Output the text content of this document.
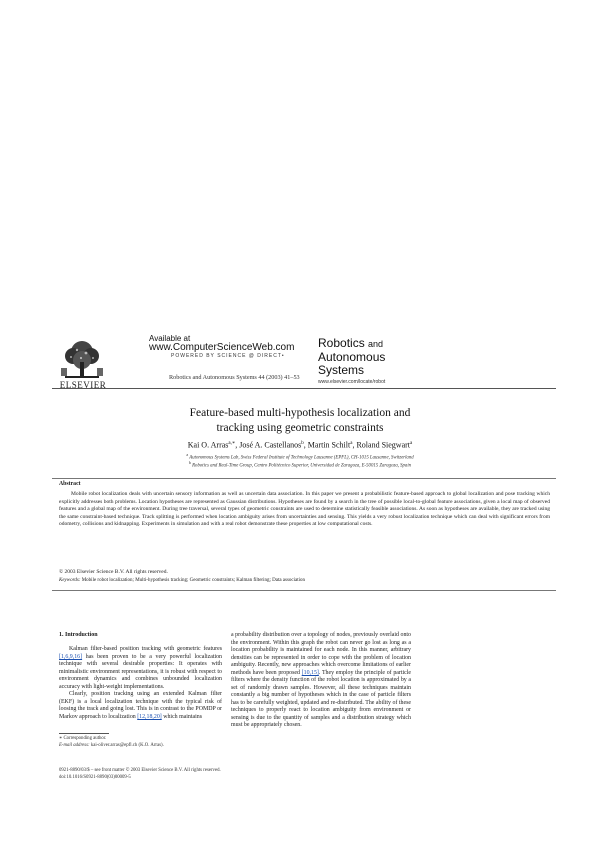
ELSEVIER
Available at
www.ComputerScienceWeb.com
POWERED BY SCIENCE @ DIRECT•
Robotics and Autonomous Systems 44 (2003) 41–53
Robotics and
Autonomous
Systems
www.elsevier.com/locate/robot
Feature-based multi-hypothesis localization and
tracking using geometric constraints
Kai O. Arras$^{a,∗}$, José A. Castellanos$^b$, Martin Schilt$^a$, Roland Siegwart$^a$
$^a$ Autonomous Systems Lab, Swiss Federal Institute of Technology Lausanne (EPFL), CH-1015 Lausanne, Switzerland
$^b$ Robotics and Real-Time Group, Centro Politécnico Superior, Universidad de Zaragoza, E-50015 Zaragoza, Spain
Abstract
Mobile robot localization deals with uncertain sensory information as well as uncertain data association. In this paper we present a probabilistic feature-based approach to global localization and pose tracking which explicitly addresses both problems. Location hypotheses are represented as Gaussian distributions. Hypotheses are found by a search in the tree of possible local-to-global feature associations, given a local map of observed features and a global map of the environment. During tree traversal, several types of geometric constraints are used to determine statistically feasible associations. As soon as hypotheses are available, they are tracked using the same constraint-based technique. Track splitting is performed when location ambiguity arises from uncertainties and sensing. This yields a very robust localization technique which can deal with significant errors from odometry, collisions and kidnapping. Experiments in simulation and with a real robot demonstrate these properties at low computational costs.
© 2003 Elsevier Science B.V. All rights reserved.
Keywords: Mobile robot localization; Multi-hypothesis tracking; Geometric constraints; Kalman filtering; Data association
1. Introduction

Kalman filter-based position tracking with geometric features [1,6,9,16] has been proven to be a very powerful localization technique with several desirable properties: It operates with minimalistic environment representations, it is robust with respect to environment dynamics and combines unbounded localization accuracy with light-weight implementations.

Clearly, position tracking using an extended Kalman filter (EKF) is a local localization technique with the typical risk of loosing the track and going lost. This is in contrast to the POMDP or Markov approach to localization [12,18,20] which maintains

a probability distribution over a topology of nodes, previously overlaid onto the environment. Within this graph the robot can never go lost as long as a location probability is maintained for each node. In this manner, arbitrary densities can be represented in order to cope with the problem of location ambiguity. Recently, new approaches which overcome limitations of earlier methods have been proposed [10,15]. They employ the principle of particle filters where the density function of the robot location is approximated by a set of randomly drawn samples. However, all these techniques maintain constantly a big number of hypotheses which in the case of particle filters has to be carefully weighted, updated and re-distributed. The ability of these techniques to properly react to location ambiguity from environment or sensing is due to the quantity of samples and a distribution strategy which must be appropriately chosen.

∗ Corresponding author.
E-mail address: kai-oliver.arras@epfl.ch (K.O. Arras).
0921-8890/03/$ – see front matter © 2003 Elsevier Science B.V. All rights reserved.
doi:10.1016/S0921-8890(03)00009-5
